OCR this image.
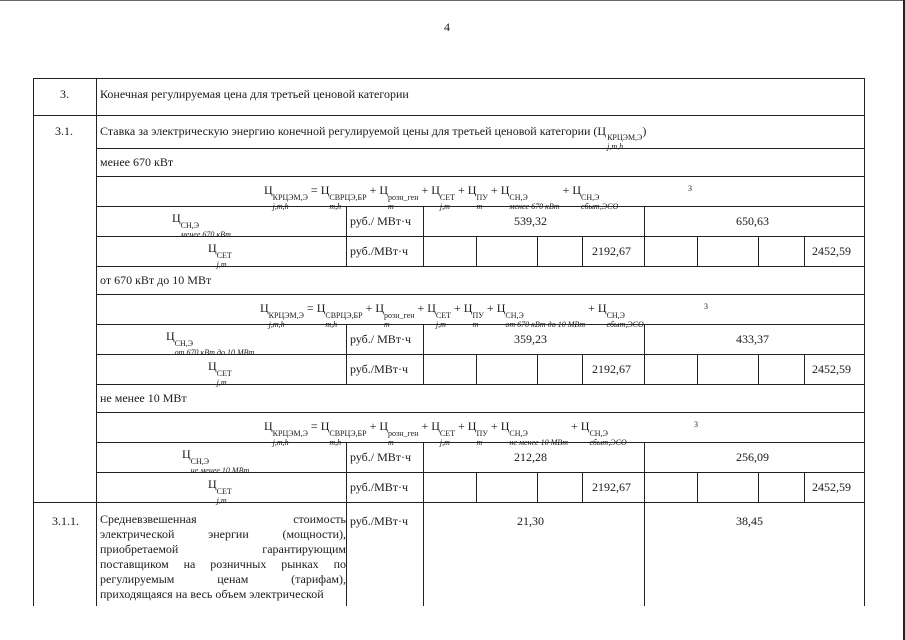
4
3.	Конечная регулируемая цена для третьей ценовой категории
3.1. Ставка за электрическую энергию конечной регулируемой цены для третьей ценовой категории (Ц КРЦЭМ,Э
j,m,h
)
менее 670 кВт
Ц
КРЦЭМ,Э
j,m,h
= Ц
СВРЦЭ,БР
m,h
+ Ц
розн_ген
m
+ Ц
СЕТ
j,m
+ Ц
ПУ
m
+ Ц
СН,Э
менее 670 кВт
+ Ц
СН,Э
сбыт,ЭСО
3
Ц
СН,Э
менее 670 кВт
руб./ МВт·ч	539,32	650,63
Ц
СЕТ
j,m
руб./МВт·ч	2192,67	2452,59
от 670 кВт до 10 МВт
Ц
КРЦЭМ,Э
j,m,h
= Ц
СВРЦЭ,БР
m,h
+ Ц
розн_ген
m
+ Ц
СЕТ
j,m
+ Ц
ПУ
m
+ Ц
СН,Э
от 670 кВт до 10 МВт
+ Ц
СН,Э
сбыт,ЭСО
3
Ц
СН,Э
от 670 кВт до 10 МВт
руб./ МВт·ч	359,23	433,37
Ц
СЕТ
j,m
руб./МВт·ч	2192,67	2452,59
не менее 10 МВт
Ц
КРЦЭМ,Э
j,m,h
= Ц
СВРЦЭ,БР
m,h
+ Ц
розн_ген
m
+ Ц
СЕТ
j,m
+ Ц
ПУ
m
+ Ц
СН,Э
не менее 10 МВт
+ Ц
СН,Э
сбыт,ЭСО
3
Ц
СН,Э
не менее 10 МВт
руб./ МВт·ч	212,28	256,09
Ц
СЕТ
j,m
руб./МВт·ч	2192,67	2452,59
3.1.1. Средневзвешенная стоимость
электрической энергии (мощности),
приобретаемой гарантирующим
поставщиком на розничных рынках по
регулируемым ценам (тарифам),
приходящаяся на весь объем электрической
руб./МВт·ч	21,30	38,45
